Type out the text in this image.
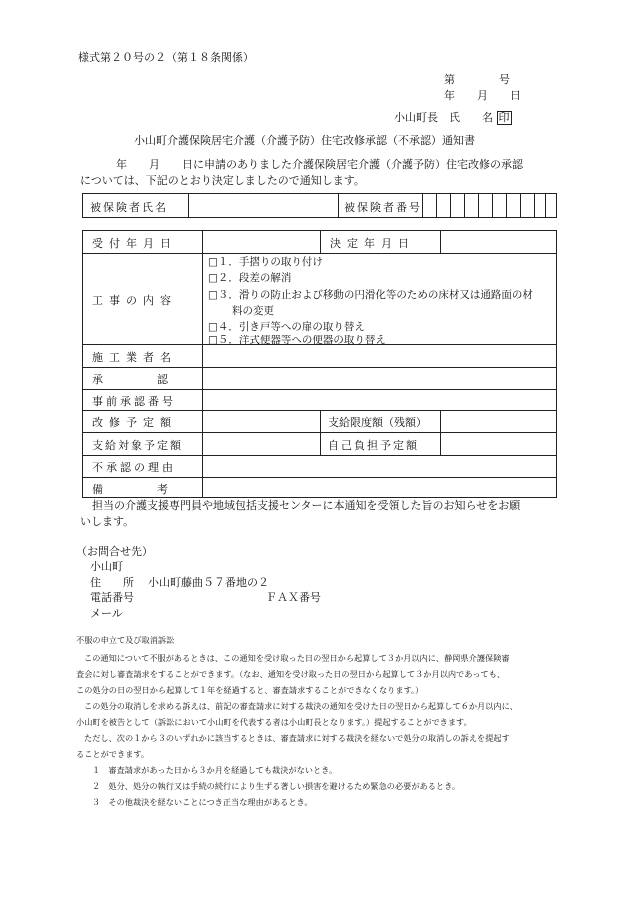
様式第２０号の２（第１８条関係）
第　　　　号
年　　月　　日
小山町長　氏　　名 印
小山町介護保険居宅介護（介護予防）住宅改修承認（不承認）通知書
年　　月　　日に申請のありました介護保険居宅介護（介護予防）住宅改修の承認
については、下記のとおり決定しましたので通知します。
被保険者氏名	被保険者番号
受付年月日	決定年月日
工事の内容
□１．手摺りの取り付け
□２．段差の解消
□３．滑りの防止および移動の円滑化等のための床材又は通路面の材
料の変更
□４．引き戸等への扉の取り替え
□５．洋式便器等への便器の取り替え
施工業者名
承　　　　認
事前承認番号
改修予定額	支給限度額（残額）
支給対象予定額	自己負担予定額
不承認の理由
備　　　　考
担当の介護支援専門員や地域包括支援センターに本通知を受領した旨のお知らせをお願
いします。
（お問合せ先）
小山町
住　　所 小山町藤曲５７番地の２
電話番号	ＦＡＸ番号
メール
不服の申立て及び取消訴訟
この通知について不服があるときは、この通知を受け取った日の翌日から起算して３か月以内に、静岡県介護保険審
査会に対し審査請求をすることができます。（なお、通知を受け取った日の翌日から起算して３か月以内であっても、
この処分の日の翌日から起算して１年を経過すると、審査請求することができなくなります。）
この処分の取消しを求める訴えは、前記の審査請求に対する裁決の通知を受けた日の翌日から起算して６か月以内に、
小山町を被告として（訴訟において小山町を代表する者は小山町長となります。）提起することができます。
ただし、次の１から３のいずれかに該当するときは、審査請求に対する裁決を経ないで処分の取消しの訴えを提起す
ることができます。
１　審査請求があった日から３か月を経過しても裁決がないとき。
２　処分、処分の執行又は手続の続行により生ずる著しい損害を避けるため緊急の必要があるとき。
３　その他裁決を経ないことにつき正当な理由があるとき。
